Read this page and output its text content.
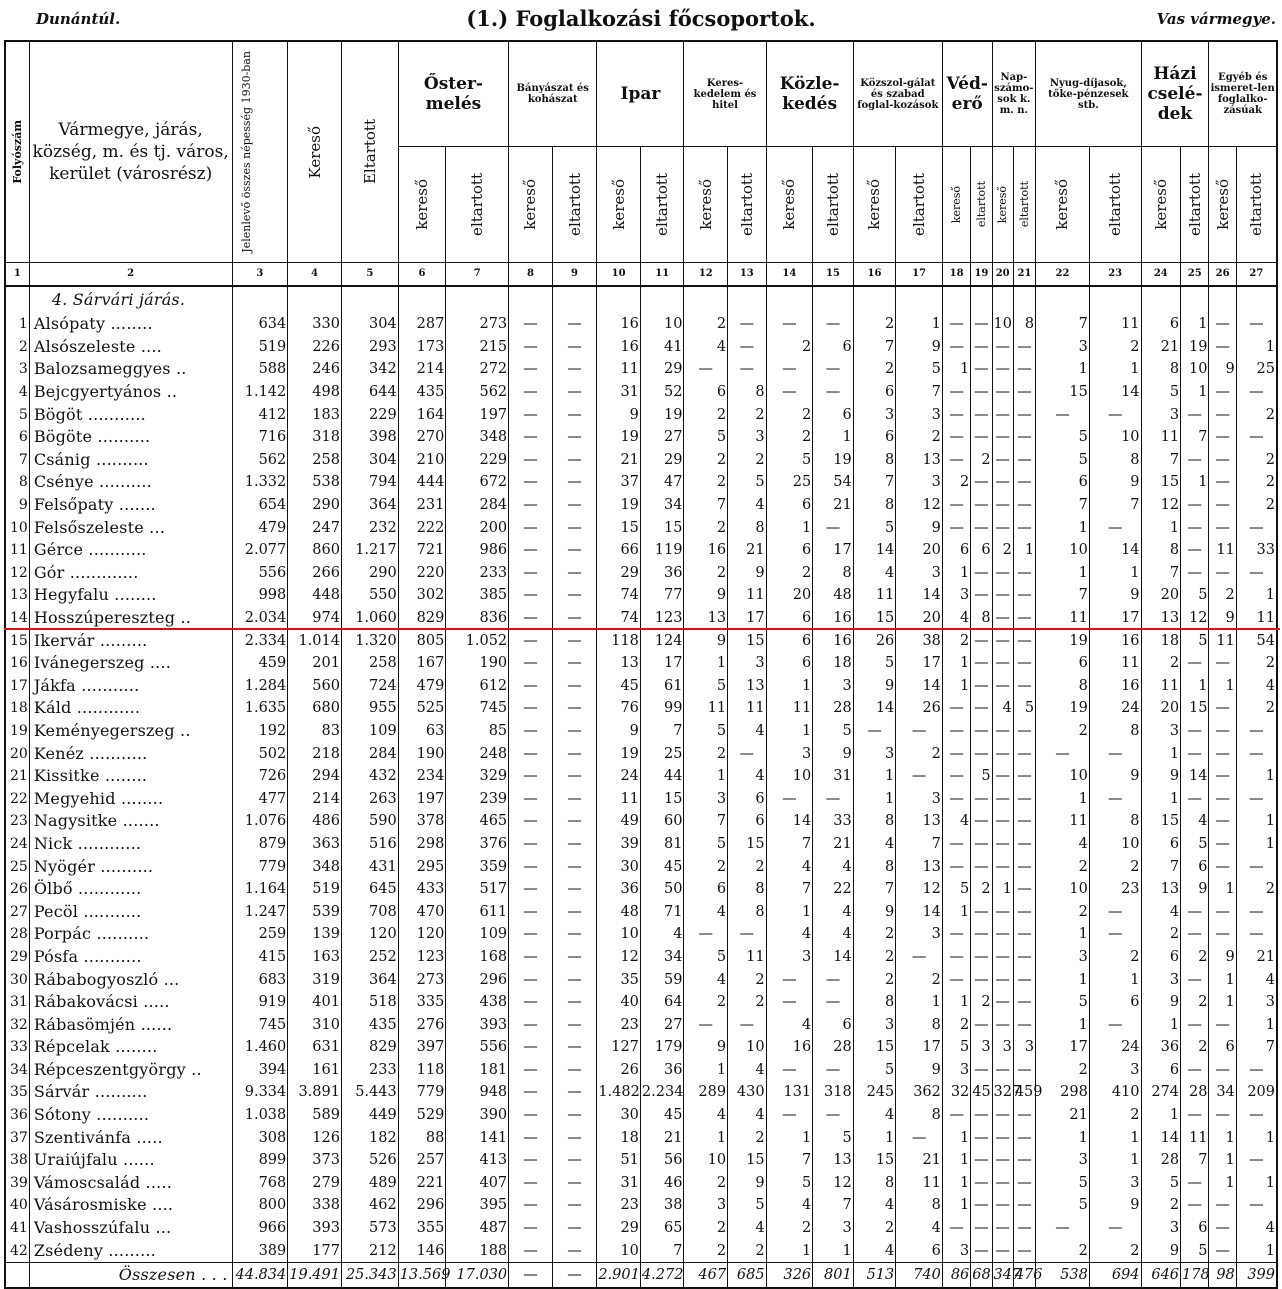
Dunántúl.	(1.) Foglalkozási főcsoportok.	Vas vármegye.
Folyószám	Vármegye, járás, község, m. és tj. város, kerület (városrész)	Jelenlevő összes népesség 1930-ban	Kereső	Eltartott	Őster-melés		Bányászat és kohászat		Ipar		Keres-kedelem és hitel		Közle-kedés		Közszol-gálat és szabad foglal-kozások		Véd-erő		Nap-számo-sok k. m. n.		Nyug-díjasok, tőke-pénzesek stb.		Házi cselé-dek		Egyéb és ismeret-len foglalko-zásúak	

					kereső	eltartott	kereső	eltartott	kereső	eltartott	kereső	eltartott	kereső	eltartott	kereső	eltartott	kereső	eltartott	kereső	eltartott	kereső	eltartott	kereső	eltartott	kereső	eltartott

1	2	3	4	5	6	7	8	9	10	11	12	13	14	15	16	17	18	19	20	21	22	23	24	25	26	27
	4. Sárvári járás.																									
1	Alsópaty ........	634	330	304	287	273	—	—	16	10	2	—	—	—	2	1	—	—	10	8	7	11	6	1	—	—
2	Alsószeleste ....	519	226	293	173	215	—	—	16	41	4	—	2	6	7	9	—	—	—	—	3	2	21	19	—	1
3	Balozsameggyes ..	588	246	342	214	272	—	—	11	29	—	—	—	—	2	5	1	—	—	—	1	1	8	10	9	25
4	Bejcgyertyános ..	1.142	498	644	435	562	—	—	31	52	6	8	—	—	6	7	—	—	—	—	15	14	5	1	—	—
5	Bögöt ...........	412	183	229	164	197	—	—	9	19	2	2	2	6	3	3	—	—	—	—	—	—	3	—	—	2
6	Bögöte ..........	716	318	398	270	348	—	—	19	27	5	3	2	1	6	2	—	—	—	—	5	10	11	7	—	—
7	Csánig ..........	562	258	304	210	229	—	—	21	29	2	2	5	19	8	13	—	2	—	—	5	8	7	—	—	2
8	Csénye ..........	1.332	538	794	444	672	—	—	37	47	2	5	25	54	7	3	2	—	—	—	6	9	15	1	—	2
9	Felsőpaty .......	654	290	364	231	284	—	—	19	34	7	4	6	21	8	12	—	—	—	—	7	7	12	—	—	2
10	Felsőszeleste ...	479	247	232	222	200	—	—	15	15	2	8	1	—	5	9	—	—	—	—	1	—	1	—	—	—
11	Gérce ...........	2.077	860	1.217	721	986	—	—	66	119	16	21	6	17	14	20	6	6	2	1	10	14	8	—	11	33
12	Gór .............	556	266	290	220	233	—	—	29	36	2	9	2	8	4	3	1	—	—	—	1	1	7	—	—	—
13	Hegyfalu ........	998	448	550	302	385	—	—	74	77	9	11	20	48	11	14	3	—	—	—	7	9	20	5	2	1
14	Hosszúpereszteg ..	2.034	974	1.060	829	836	—	—	74	123	13	17	6	16	15	20	4	8	—	—	11	17	13	12	9	11
15	Ikervár .........	2.334	1.014	1.320	805	1.052	—	—	118	124	9	15	6	16	26	38	2	—	—	—	19	16	18	5	11	54
16	Ivánegerszeg ....	459	201	258	167	190	—	—	13	17	1	3	6	18	5	17	1	—	—	—	6	11	2	—	—	2
17	Jákfa ...........	1.284	560	724	479	612	—	—	45	61	5	13	1	3	9	14	1	—	—	—	8	16	11	1	1	4
18	Káld ............	1.635	680	955	525	745	—	—	76	99	11	11	11	28	14	26	—	—	4	5	19	24	20	15	—	2
19	Keményegerszeg ..	192	83	109	63	85	—	—	9	7	5	4	1	5	—	—	—	—	—	—	2	8	3	—	—	—
20	Kenéz ...........	502	218	284	190	248	—	—	19	25	2	—	3	9	3	2	—	—	—	—	—	—	1	—	—	—
21	Kissitke ........	726	294	432	234	329	—	—	24	44	1	4	10	31	1	—	—	5	—	—	10	9	9	14	—	1
22	Megyehid ........	477	214	263	197	239	—	—	11	15	3	6	—	—	1	3	—	—	—	—	1	—	1	—	—	—
23	Nagysitke .......	1.076	486	590	378	465	—	—	49	60	7	6	14	33	8	13	4	—	—	—	11	8	15	4	—	1
24	Nick ............	879	363	516	298	376	—	—	39	81	5	15	7	21	4	7	—	—	—	—	4	10	6	5	—	1
25	Nyögér ..........	779	348	431	295	359	—	—	30	45	2	2	4	4	8	13	—	—	—	—	2	2	7	6	—	—
26	Ölbő ............	1.164	519	645	433	517	—	—	36	50	6	8	7	22	7	12	5	2	1	—	10	23	13	9	1	2
27	Pecöl ...........	1.247	539	708	470	611	—	—	48	71	4	8	1	4	9	14	1	—	—	—	2	—	4	—	—	—
28	Porpác ..........	259	139	120	120	109	—	—	10	4	—	—	4	4	2	3	—	—	—	—	1	—	2	—	—	—
29	Pósfa ...........	415	163	252	123	168	—	—	12	34	5	11	3	14	2	—	—	—	—	—	3	2	6	2	9	21
30	Rábabogyoszló ...	683	319	364	273	296	—	—	35	59	4	2	—	—	2	2	—	—	—	—	1	1	3	—	1	4
31	Rábakovácsi .....	919	401	518	335	438	—	—	40	64	2	2	—	—	8	1	1	2	—	—	5	6	9	2	1	3
32	Rábasömjén ......	745	310	435	276	393	—	—	23	27	—	—	4	6	3	8	2	—	—	—	1	—	1	—	—	1
33	Répcelak ........	1.460	631	829	397	556	—	—	127	179	9	10	16	28	15	17	5	3	3	3	17	24	36	2	6	7
34	Répceszentgyörgy ..	394	161	233	118	181	—	—	26	36	1	4	—	—	5	9	3	—	—	—	2	3	6	—	—	—
35	Sárvár ..........	9.334	3.891	5.443	779	948	—	—	1.482	2.234	289	430	131	318	245	362	32	45	327	459	298	410	274	28	34	209
36	Sótony ..........	1.038	589	449	529	390	—	—	30	45	4	4	—	—	4	8	—	—	—	—	21	2	1	—	—	—
37	Szentivánfa .....	308	126	182	88	141	—	—	18	21	1	2	1	5	1	—	1	—	—	—	1	1	14	11	1	1
38	Uraiújfalu ......	899	373	526	257	413	—	—	51	56	10	15	7	13	15	21	1	—	—	—	3	1	28	7	1	—
39	Vámoscsalád .....	768	279	489	221	407	—	—	31	46	2	9	5	12	8	11	1	—	—	—	5	3	5	—	1	1
40	Vásárosmiske ....	800	338	462	296	395	—	—	23	38	3	5	4	7	4	8	1	—	—	—	5	9	2	—	—	—
41	Vashosszúfalu ...	966	393	573	355	487	—	—	29	65	2	4	2	3	2	4	—	—	—	—	—	—	3	6	—	4
42	Zsédeny .........	389	177	212	146	188	—	—	10	7	2	2	1	1	4	6	3	—	—	—	2	2	9	5	—	1
	Összesen . . .	44.834	19.491	25.343	13.569	17.030	—	—	2.901	4.272	467	685	326	801	513	740	86	68	347	476	538	694	646	178	98	399
